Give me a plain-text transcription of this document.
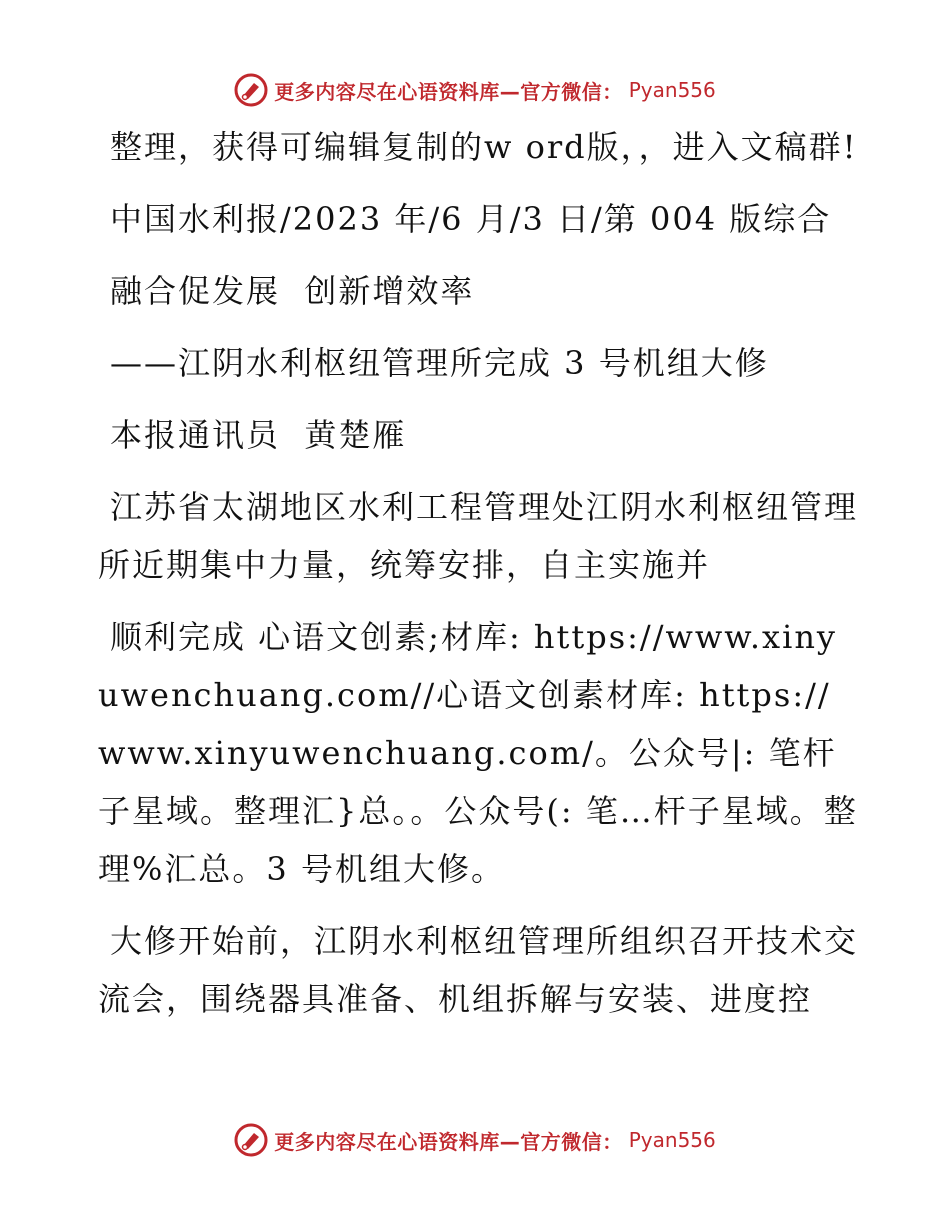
更多内容尽在心语资料库—官方微信： Pyan556

整理，获得可编辑复制的w ord版，，进入文稿群!

中国水利报/2023 年/6 月/3 日/第 004 版综合

融合促发展  创新增效率

——江阴水利枢纽管理所完成 3 号机组大修

本报通讯员  黄楚雁

江苏省太湖地区水利工程管理处江阴水利枢纽管理所近期集中力量，统筹安排，自主实施并

顺利完成 心语文创素;材库: https://www.xinyuwenchuang.com//心语文创素材库: https://www.xinyuwenchuang.com/。公众号|: 笔杆子星域。整理汇}总。。公众号(: 笔…杆子星域。整理%汇总。3 号机组大修。

大修开始前，江阴水利枢纽管理所组织召开技术交流会，围绕器具准备、机组拆解与安装、进度控

更多内容尽在心语资料库—官方微信： Pyan556
